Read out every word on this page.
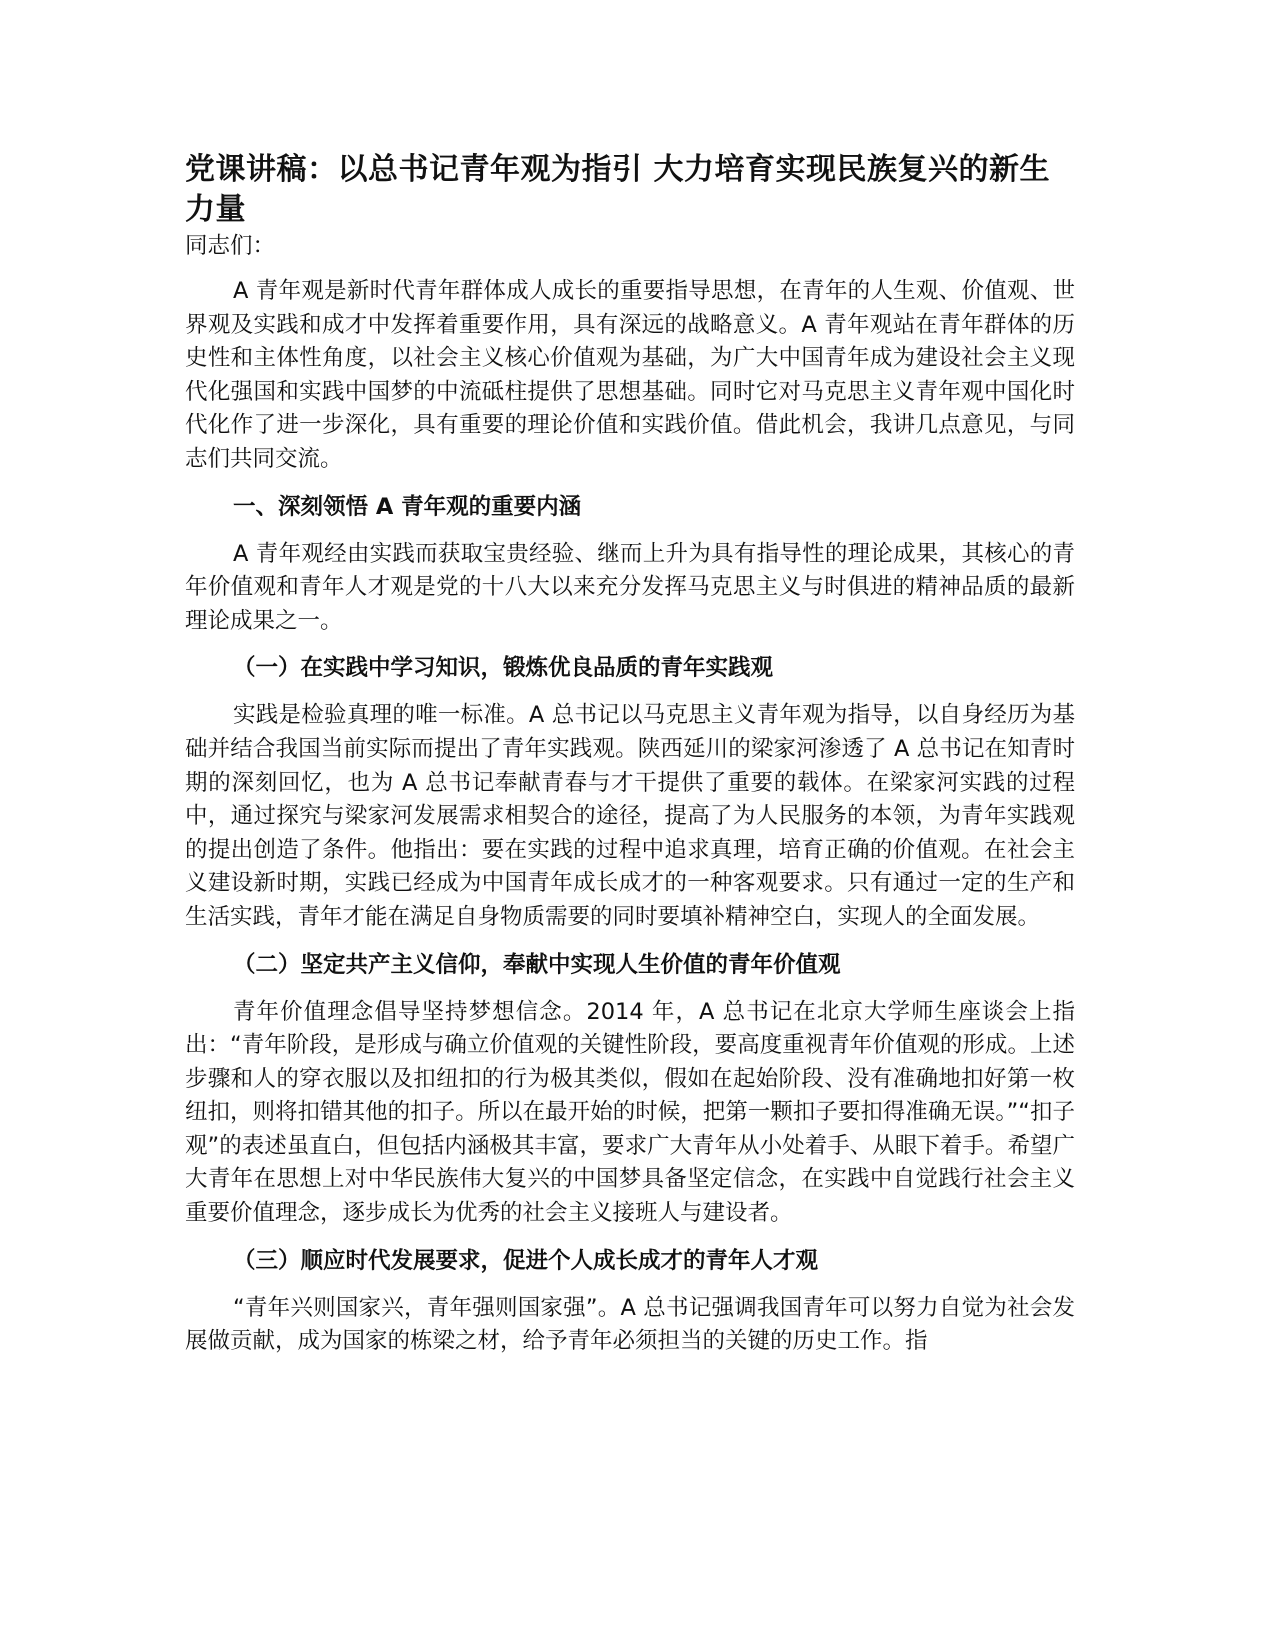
党课讲稿：以总书记青年观为指引 大力培育实现民族复兴的新生力量

同志们：

A 青年观是新时代青年群体成人成长的重要指导思想，在青年的人生观、价值观、世界观及实践和成才中发挥着重要作用，具有深远的战略意义。A 青年观站在青年群体的历史性和主体性角度，以社会主义核心价值观为基础，为广大中国青年成为建设社会主义现代化强国和实践中国梦的中流砥柱提供了思想基础。同时它对马克思主义青年观中国化时代化作了进一步深化，具有重要的理论价值和实践价值。借此机会，我讲几点意见，与同志们共同交流。

一、深刻领悟 A 青年观的重要内涵

A 青年观经由实践而获取宝贵经验、继而上升为具有指导性的理论成果，其核心的青年价值观和青年人才观是党的十八大以来充分发挥马克思主义与时俱进的精神品质的最新理论成果之一。

（一）在实践中学习知识，锻炼优良品质的青年实践观

实践是检验真理的唯一标准。A 总书记以马克思主义青年观为指导，以自身经历为基础并结合我国当前实际而提出了青年实践观。陕西延川的梁家河渗透了 A 总书记在知青时期的深刻回忆，也为 A 总书记奉献青春与才干提供了重要的载体。在梁家河实践的过程中，通过探究与梁家河发展需求相契合的途径，提高了为人民服务的本领，为青年实践观的提出创造了条件。他指出：要在实践的过程中追求真理，培育正确的价值观。在社会主义建设新时期，实践已经成为中国青年成长成才的一种客观要求。只有通过一定的生产和生活实践，青年才能在满足自身物质需要的同时要填补精神空白，实现人的全面发展。

（二）坚定共产主义信仰，奉献中实现人生价值的青年价值观

青年价值理念倡导坚持梦想信念。2014 年，A 总书记在北京大学师生座谈会上指出：“青年阶段，是形成与确立价值观的关键性阶段，要高度重视青年价值观的形成。上述步骤和人的穿衣服以及扣纽扣的行为极其类似，假如在起始阶段、没有准确地扣好第一枚纽扣，则将扣错其他的扣子。所以在最开始的时候，把第一颗扣子要扣得准确无误。”“扣子观”的表述虽直白，但包括内涵极其丰富，要求广大青年从小处着手、从眼下着手。希望广大青年在思想上对中华民族伟大复兴的中国梦具备坚定信念，在实践中自觉践行社会主义重要价值理念，逐步成长为优秀的社会主义接班人与建设者。

（三）顺应时代发展要求，促进个人成长成才的青年人才观

“青年兴则国家兴，青年强则国家强”。A 总书记强调我国青年可以努力自觉为社会发展做贡献，成为国家的栋梁之材，给予青年必须担当的关键的历史工作。指
